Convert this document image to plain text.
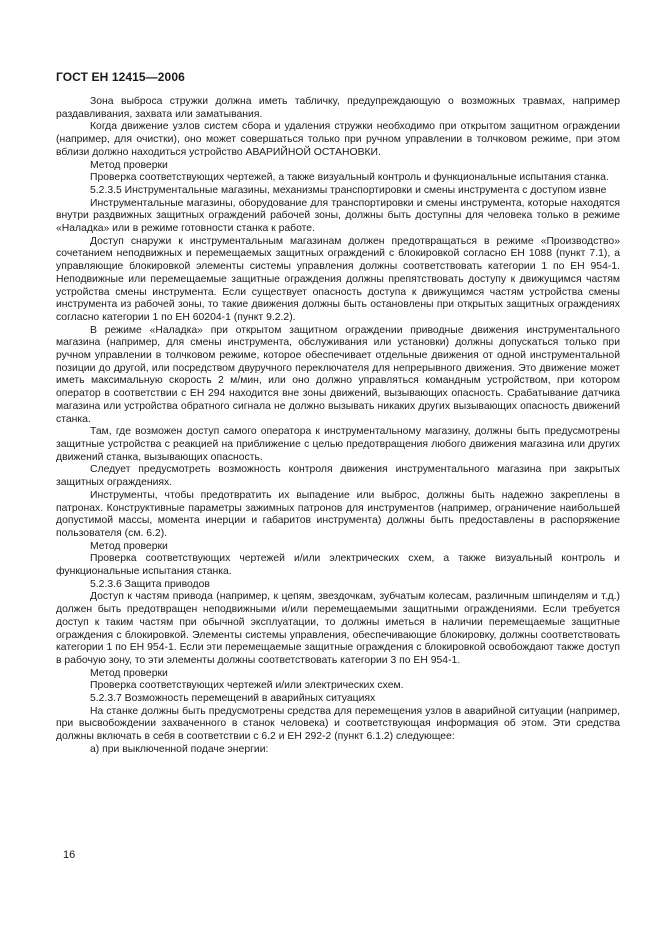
ГОСТ ЕН 12415—2006

Зона выброса стружки должна иметь табличку, предупреждающую о возможных травмах, например раздавливания, захвата или заматывания.

Когда движение узлов систем сбора и удаления стружки необходимо при открытом защитном ограждении (например, для очистки), оно может совершаться только при ручном управлении в толчковом режиме, при этом вблизи должно находиться устройство АВАРИЙНОЙ ОСТАНОВКИ.

Метод проверки

Проверка соответствующих чертежей, а также визуальный контроль и функциональные испытания станка.

5.2.3.5 Инструментальные магазины, механизмы транспортировки и смены инструмента с доступом извне

Инструментальные магазины, оборудование для транспортировки и смены инструмента, которые находятся внутри раздвижных защитных ограждений рабочей зоны, должны быть доступны для человека только в режиме «Наладка» или в режиме готовности станка к работе.

Доступ снаружи к инструментальным магазинам должен предотвращаться в режиме «Производство» сочетанием неподвижных и перемещаемых защитных ограждений с блокировкой согласно ЕН 1088 (пункт 7.1), а управляющие блокировкой элементы системы управления должны соответствовать категории 1 по ЕН 954-1. Неподвижные или перемещаемые защитные ограждения должны препятствовать доступу к движущимся частям устройства смены инструмента. Если существует опасность доступа к движущимся частям устройства смены инструмента из рабочей зоны, то такие движения должны быть остановлены при открытых защитных ограждениях согласно категории 1 по ЕН 60204-1 (пункт 9.2.2).

В режиме «Наладка» при открытом защитном ограждении приводные движения инструментального магазина (например, для смены инструмента, обслуживания или установки) должны допускаться только при ручном управлении в толчковом режиме, которое обеспечивает отдельные движения от одной инструментальной позиции до другой, или посредством двуручного переключателя для непрерывного движения. Это движение может иметь максимальную скорость 2 м/мин, или оно должно управляться командным устройством, при котором оператор в соответствии с ЕН 294 находится вне зоны движений, вызывающих опасность. Срабатывание датчика магазина или устройства обратного сигнала не должно вызывать никаких других вызывающих опасность движений станка.

Там, где возможен доступ самого оператора к инструментальному магазину, должны быть предусмотрены защитные устройства с реакцией на приближение с целью предотвращения любого движения магазина или других движений станка, вызывающих опасность.

Следует предусмотреть возможность контроля движения инструментального магазина при закрытых защитных ограждениях.

Инструменты, чтобы предотвратить их выпадение или выброс, должны быть надежно закреплены в патронах. Конструктивные параметры зажимных патронов для инструментов (например, ограничение наибольшей допустимой массы, момента инерции и габаритов инструмента) должны быть предоставлены в распоряжение пользователя (см. 6.2).

Метод проверки

Проверка соответствующих чертежей и/или электрических схем, а также визуальный контроль и функциональные испытания станка.

5.2.3.6 Защита приводов

Доступ к частям привода (например, к цепям, звездочкам, зубчатым колесам, различным шпинделям и т.д.) должен быть предотвращен неподвижными и/или перемещаемыми защитными ограждениями. Если требуется доступ к таким частям при обычной эксплуатации, то должны иметься в наличии перемещаемые защитные ограждения с блокировкой. Элементы системы управления, обеспечивающие блокировку, должны соответствовать категории 1 по ЕН 954-1. Если эти перемещаемые защитные ограждения с блокировкой освобождают также доступ в рабочую зону, то эти элементы должны соответствовать категории 3 по ЕН 954-1.

Метод проверки

Проверка соответствующих чертежей и/или электрических схем.

5.2.3.7 Возможность перемещений в аварийных ситуациях

На станке должны быть предусмотрены средства для перемещения узлов в аварийной ситуации (например, при высвобождении захваченного в станок человека) и соответствующая информация об этом. Эти средства должны включать в себя в соответствии с 6.2 и ЕН 292-2 (пункт 6.1.2) следующее:

а) при выключенной подаче энергии:

16
